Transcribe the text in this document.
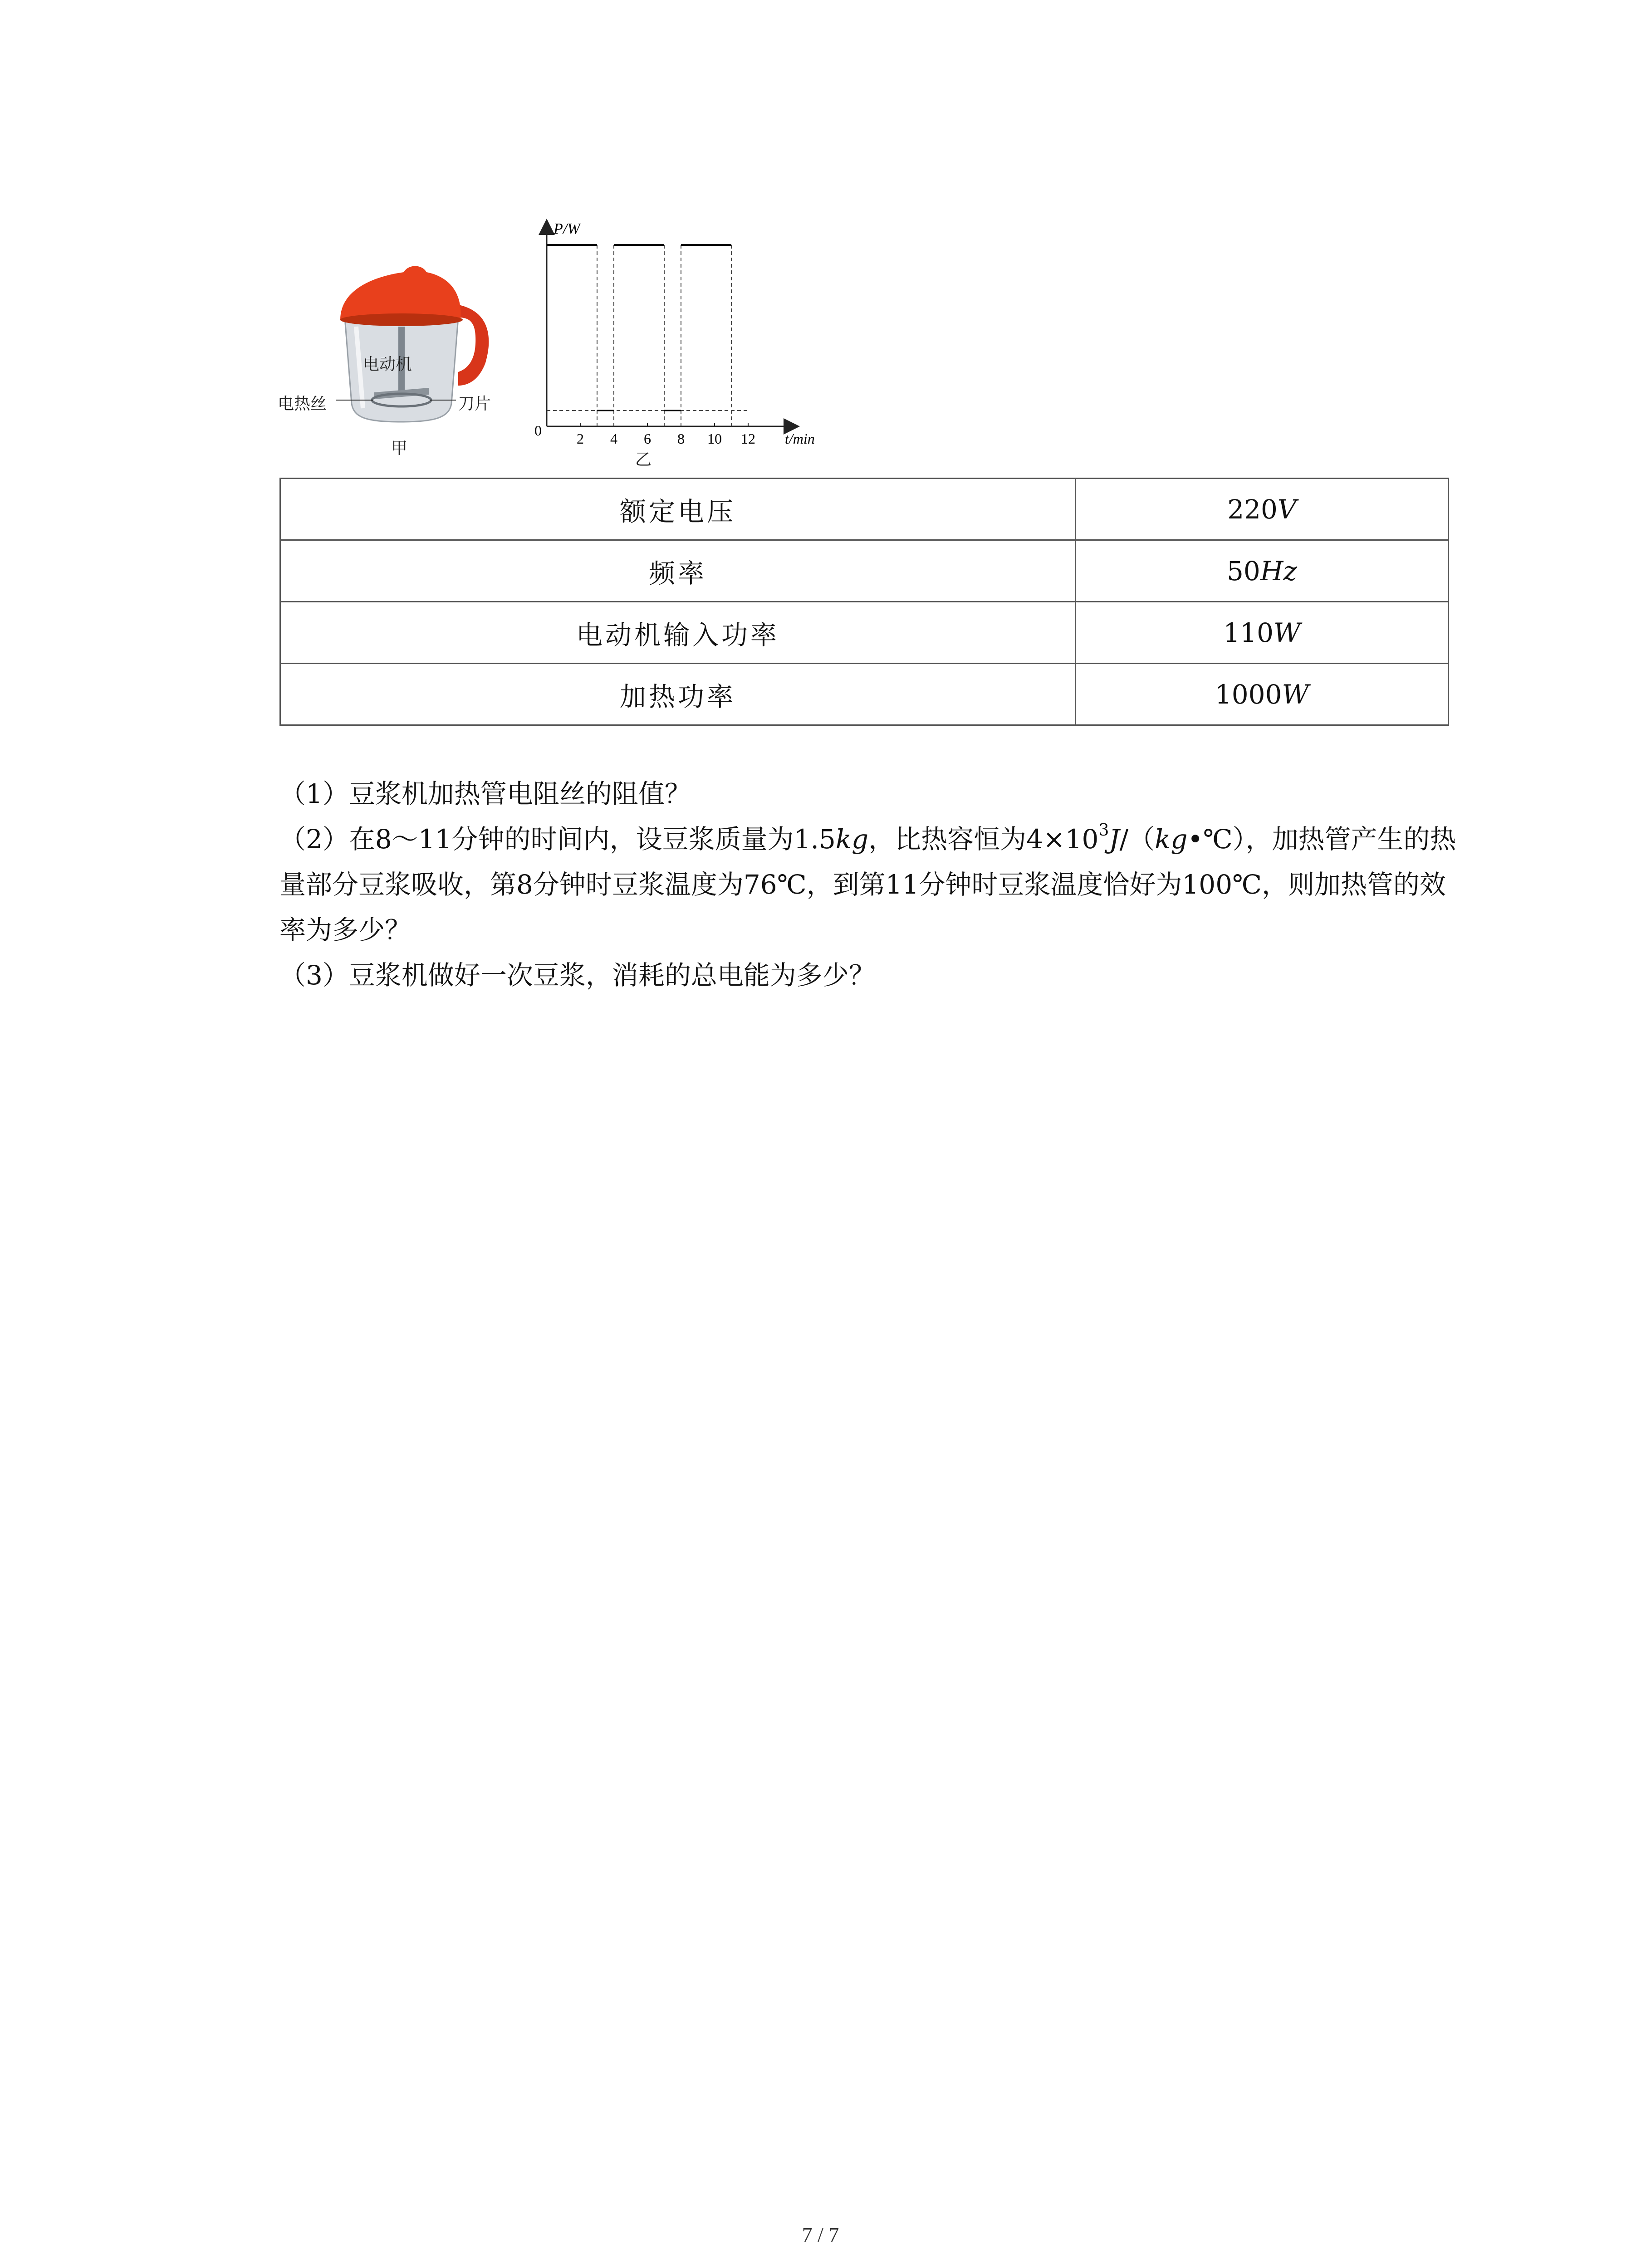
电动机
电热丝	刀片
甲
P/W
t/min
0 2 4 6 8 10 12
乙
额定电压	220V
频率	50Hz
电动机输入功率	110W
加热功率	1000W

（1）豆浆机加热管电阻丝的阻值？

（2）在8～11分钟的时间内，设豆浆质量为1.5kg，比热容恒为$4\times 10^3J/(kg•℃)$，加热管产生的热量部分豆浆吸收，第8分钟时豆浆温度为76℃，到第11分钟时豆浆温度恰好为100℃，则加热管的效率为多少？

（3）豆浆机做好一次豆浆，消耗的总电能为多少？

7 / 7
